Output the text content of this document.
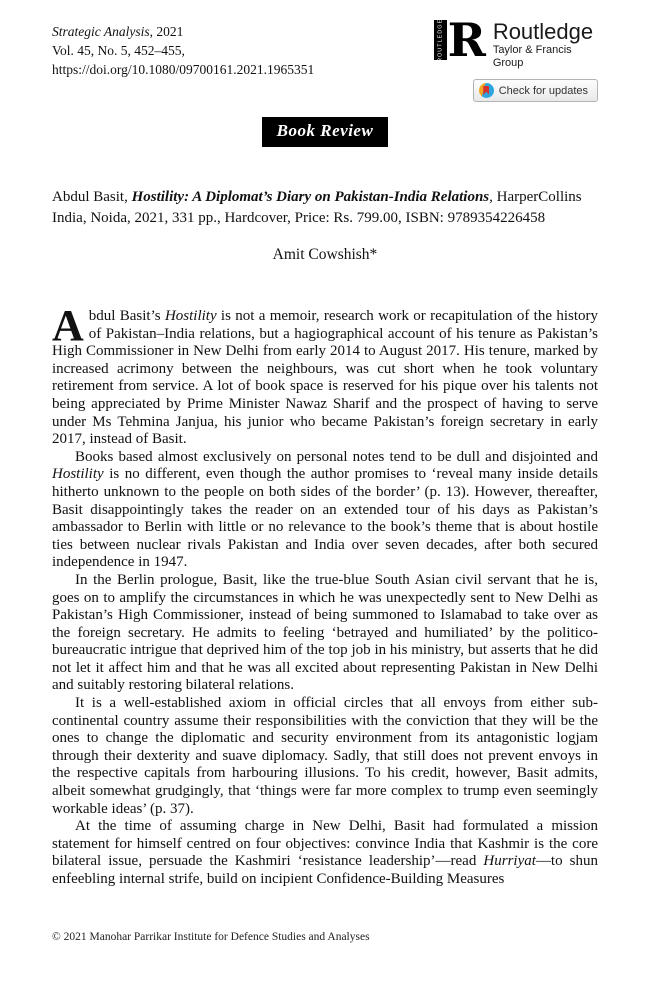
Strategic Analysis, 2021
Vol. 45, No. 5, 452–455, https://doi.org/10.1080/09700161.2021.1965351
ROUTLEDGE R Routledge
Taylor & Francis Group
Check for updates
Book Review
Abdul Basit, Hostility: A Diplomat’s Diary on Pakistan-India Relations, HarperCollins India, Noida, 2021, 331 pp., Hardcover, Price: Rs. 799.00, ISBN: 9789354226458
Amit Cowshish*

Abdul Basit’s Hostility is not a memoir, research work or recapitulation of the history of Pakistan–India relations, but a hagiographical account of his tenure as Pakistan’s High Commissioner in New Delhi from early 2014 to August 2017. His tenure, marked by increased acrimony between the neighbours, was cut short when he took voluntary retirement from service. A lot of book space is reserved for his pique over his talents not being appreciated by Prime Minister Nawaz Sharif and the prospect of having to serve under Ms Tehmina Janjua, his junior who became Pakistan’s foreign secretary in early 2017, instead of Basit.

Books based almost exclusively on personal notes tend to be dull and disjointed and Hostility is no different, even though the author promises to ‘reveal many inside details hitherto unknown to the people on both sides of the border’ (p. 13). However, thereafter, Basit disappointingly takes the reader on an extended tour of his days as Pakistan’s ambassador to Berlin with little or no relevance to the book’s theme that is about hostile ties between nuclear rivals Pakistan and India over seven decades, after both secured independence in 1947.

In the Berlin prologue, Basit, like the true-blue South Asian civil servant that he is, goes on to amplify the circumstances in which he was unexpectedly sent to New Delhi as Pakistan’s High Commissioner, instead of being summoned to Islamabad to take over as the foreign secretary. He admits to feeling ‘betrayed and humiliated’ by the politico-bureaucratic intrigue that deprived him of the top job in his ministry, but asserts that he did not let it affect him and that he was all excited about representing Pakistan in New Delhi and suitably restoring bilateral relations.

It is a well-established axiom in official circles that all envoys from either sub-continental country assume their responsibilities with the conviction that they will be the ones to change the diplomatic and security environment from its antagonistic logjam through their dexterity and suave diplomacy. Sadly, that still does not prevent envoys in the respective capitals from harbouring illusions. To his credit, however, Basit admits, albeit somewhat grudgingly, that ‘things were far more complex to trump even seemingly workable ideas’ (p. 37).

At the time of assuming charge in New Delhi, Basit had formulated a mission statement for himself centred on four objectives: convince India that Kashmir is the core bilateral issue, persuade the Kashmiri ‘resistance leadership’—read Hurriyat—to shun enfeebling internal strife, build on incipient Confidence-Building Measures

© 2021 Manohar Parrikar Institute for Defence Studies and Analyses
